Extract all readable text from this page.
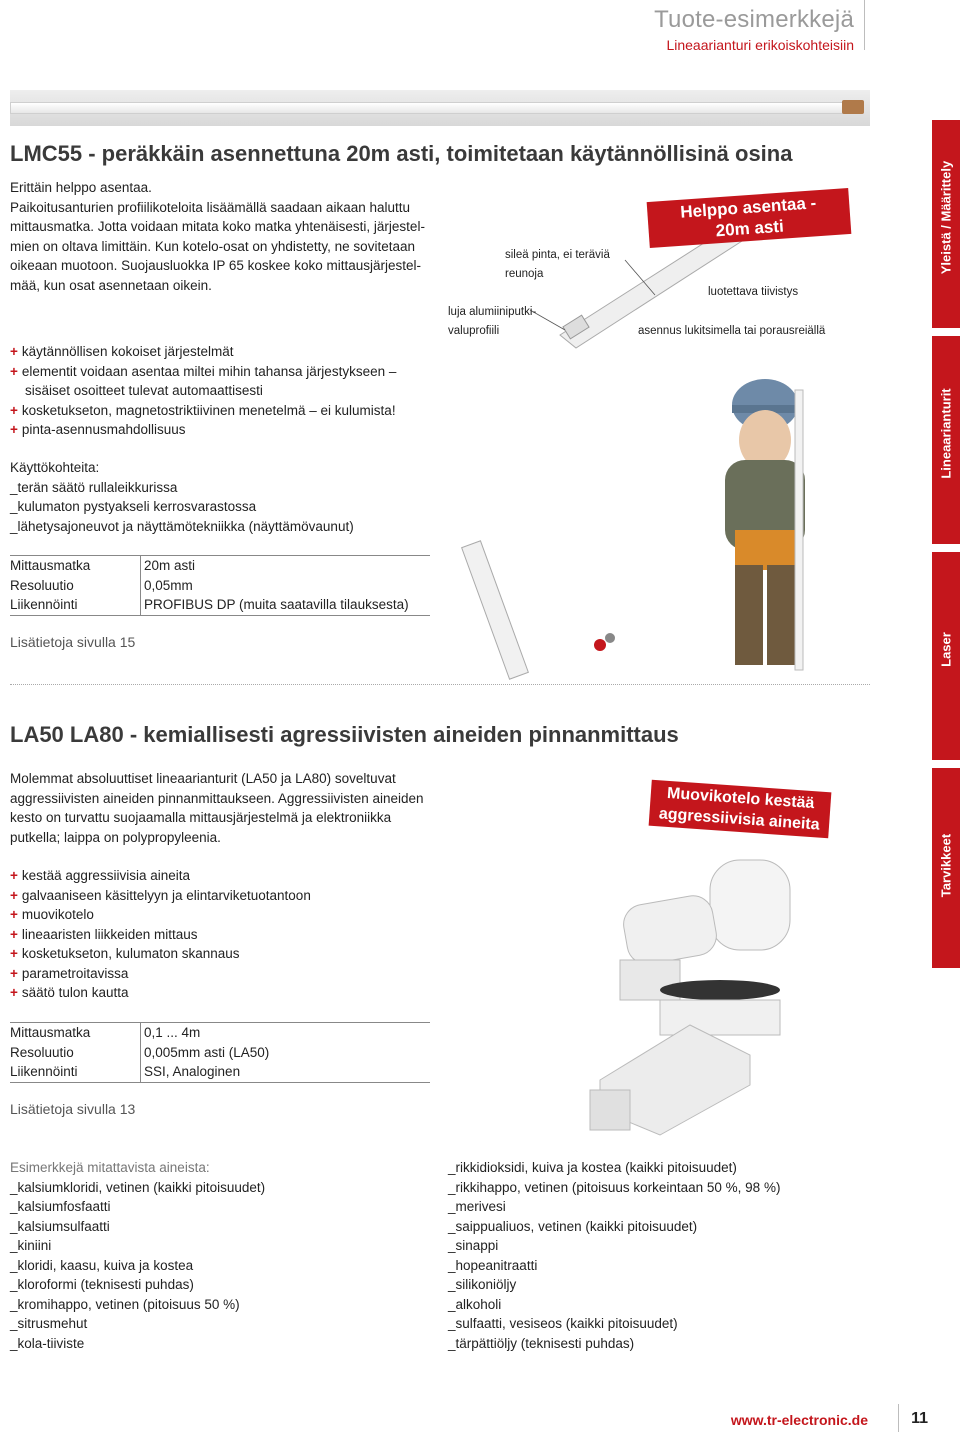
Tuote-esimerkkejä
Lineaarianturi erikoiskohteisiin
LMC55 - peräkkäin asennettuna 20m asti, toimitetaan käytännöllisinä osina
Erittäin helppo asentaa.
Paikoitusanturien profiilikoteloita lisäämällä saadaan aikaan haluttu
mittausmatka. Jotta voidaan mitata koko matka yhtenäisesti, järjestel-
mien on oltava limittäin. Kun kotelo-osat on yhdistetty, ne sovitetaan
oikeaan muotoon. Suojausluokka IP 65 koskee koko mittausjärjestel-
mää, kun osat asennetaan oikein.
+ käytännöllisen kokoiset järjestelmät
+ elementit voidaan asentaa miltei mihin tahansa järjestykseen –
sisäiset osoitteet tulevat automaattisesti
+ kosketukseton, magnetostriktiivinen menetelmä – ei kulumista!
+ pinta-asennusmahdollisuus
Käyttökohteita:
_terän säätö rullaleikkurissa
_kulumaton pystyakseli kerrosvarastossa
_lähetysajoneuvot ja näyttämötekniikka (näyttämövaunut)
Mittausmatka	20m asti
Resoluutio	0,05mm
Liikennöinti	PROFIBUS DP (muita saatavilla tilauksesta)
Lisätietoja sivulla 15
sileä pinta, ei teräviä
reunoja
luja alumiiniputki-
valuprofiili
luotettava tiivistys
asennus lukitsimella tai porausreiällä
Helppo asentaa -
20m asti
LA50 LA80 - kemiallisesti agressiivisten aineiden pinnanmittaus
Molemmat absoluuttiset lineaarianturit (LA50 ja LA80) soveltuvat
aggressiivisten aineiden pinnanmittaukseen. Aggressiivisten aineiden
kesto on turvattu suojaamalla mittausjärjestelmä ja elektroniikka
putkella; laippa on polypropyleenia.
+ kestää aggressiivisia aineita
+ galvaaniseen käsittelyyn ja elintarviketuotantoon
+ muovikotelo
+ lineaaristen liikkeiden mittaus
+ kosketukseton, kulumaton skannaus
+ parametroitavissa
+ säätö tulon kautta
Mittausmatka	0,1 ... 4m
Resoluutio	0,005mm asti (LA50)
Liikennöinti	SSI, Analoginen
Lisätietoja sivulla 13
Muovikotelo kestää
aggressiivisia aineita
Esimerkkejä mitattavista aineista:
_kalsiumkloridi, vetinen (kaikki pitoisuudet)
_kalsiumfosfaatti
_kalsiumsulfaatti
_kiniini
_kloridi, kaasu, kuiva ja kostea
_kloroformi (teknisesti puhdas)
_kromihappo, vetinen (pitoisuus 50 %)
_sitrusmehut
_kola-tiiviste
_rikkidioksidi, kuiva ja kostea (kaikki pitoisuudet)
_rikkihappo, vetinen (pitoisuus korkeintaan 50 %, 98 %)
_merivesi
_saippualiuos, vetinen (kaikki pitoisuudet)
_sinappi
_hopeanitraatti
_silikoniöljy
_alkoholi
_sulfaatti, vesiseos (kaikki pitoisuudet)
_tärpättiöljy (teknisesti puhdas)
Yleistä / Määrittely
Lineaarianturit
Laser
Tarvikkeet
www.tr-electronic.de	11
